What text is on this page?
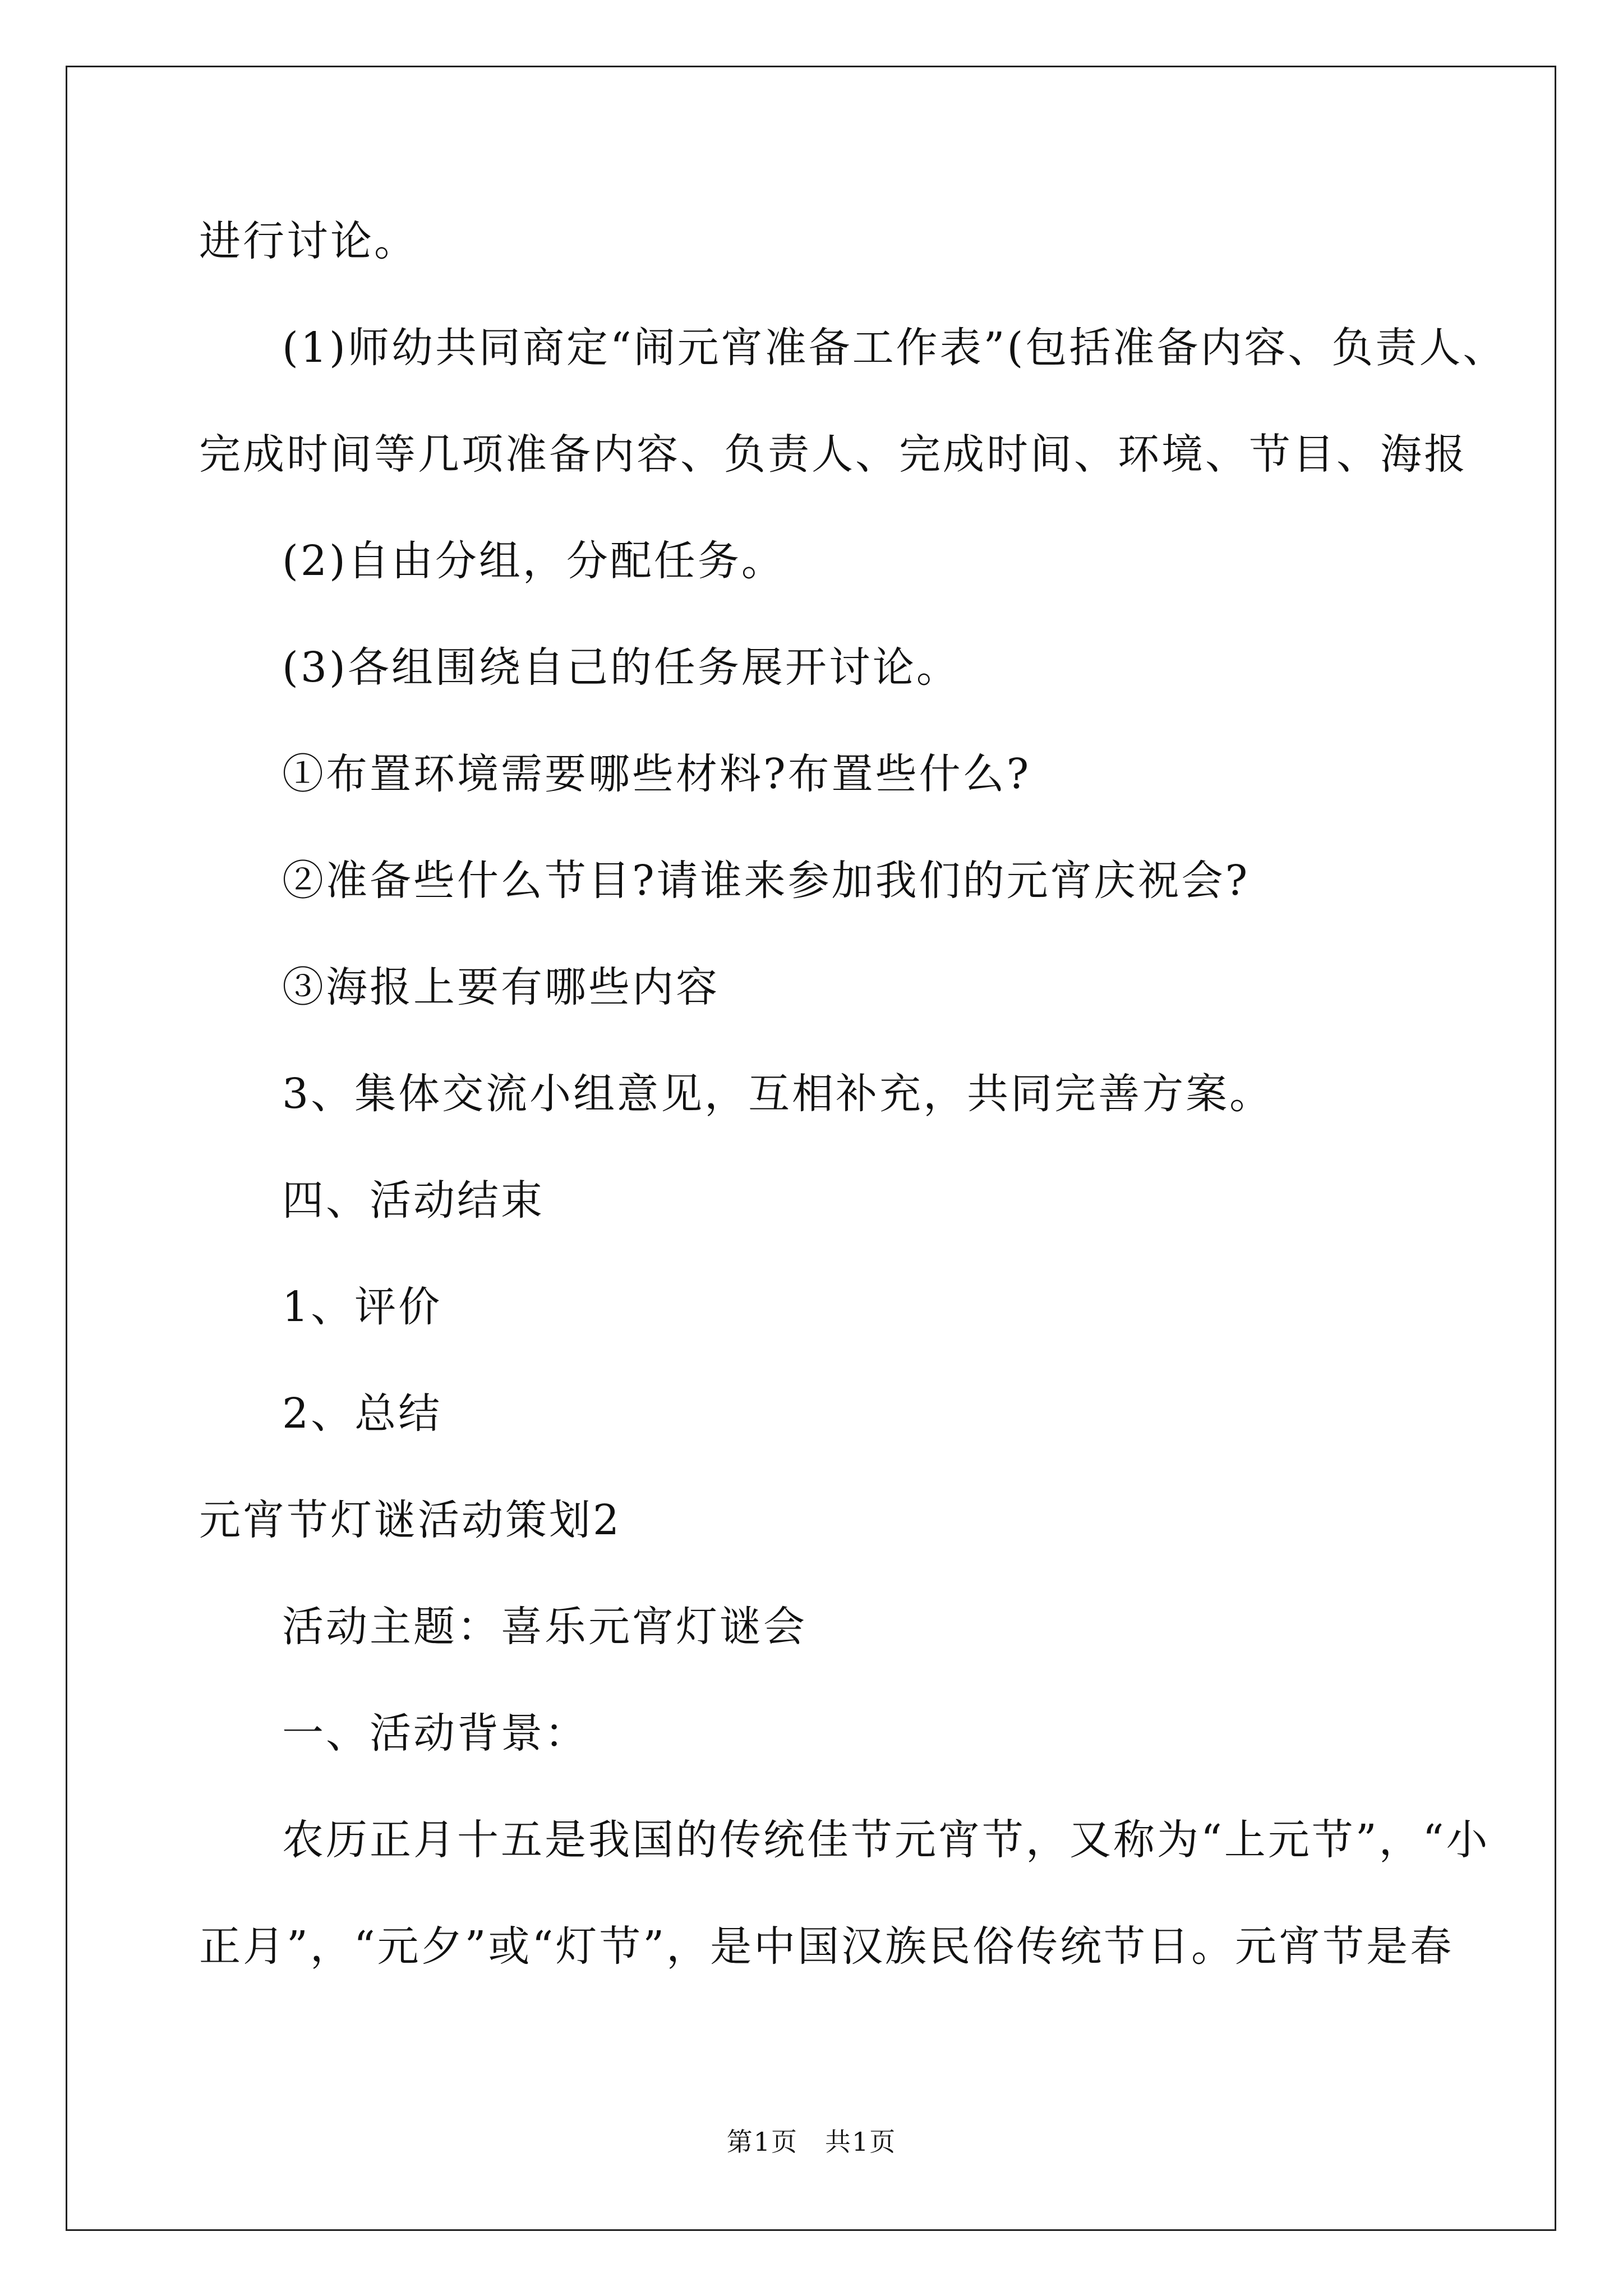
进行讨论。
(1)师幼共同商定“闹元宵准备工作表”(包括准备内容、负责人、
完成时间等几项准备内容、负责人、完成时间、环境、节目、海报
(2)自由分组，分配任务。
(3)各组围绕自己的任务展开讨论。
①布置环境需要哪些材料?布置些什么?
②准备些什么节目?请谁来参加我们的元宵庆祝会?
③海报上要有哪些内容
3、集体交流小组意见，互相补充，共同完善方案。
四、活动结束
1、评价
2、总结
元宵节灯谜活动策划2
活动主题：喜乐元宵灯谜会
一、活动背景：
农历正月十五是我国的传统佳节元宵节，又称为“上元节”，“小
正月”，“元夕”或“灯节”，是中国汉族民俗传统节日。元宵节是春
第1页　共1页
